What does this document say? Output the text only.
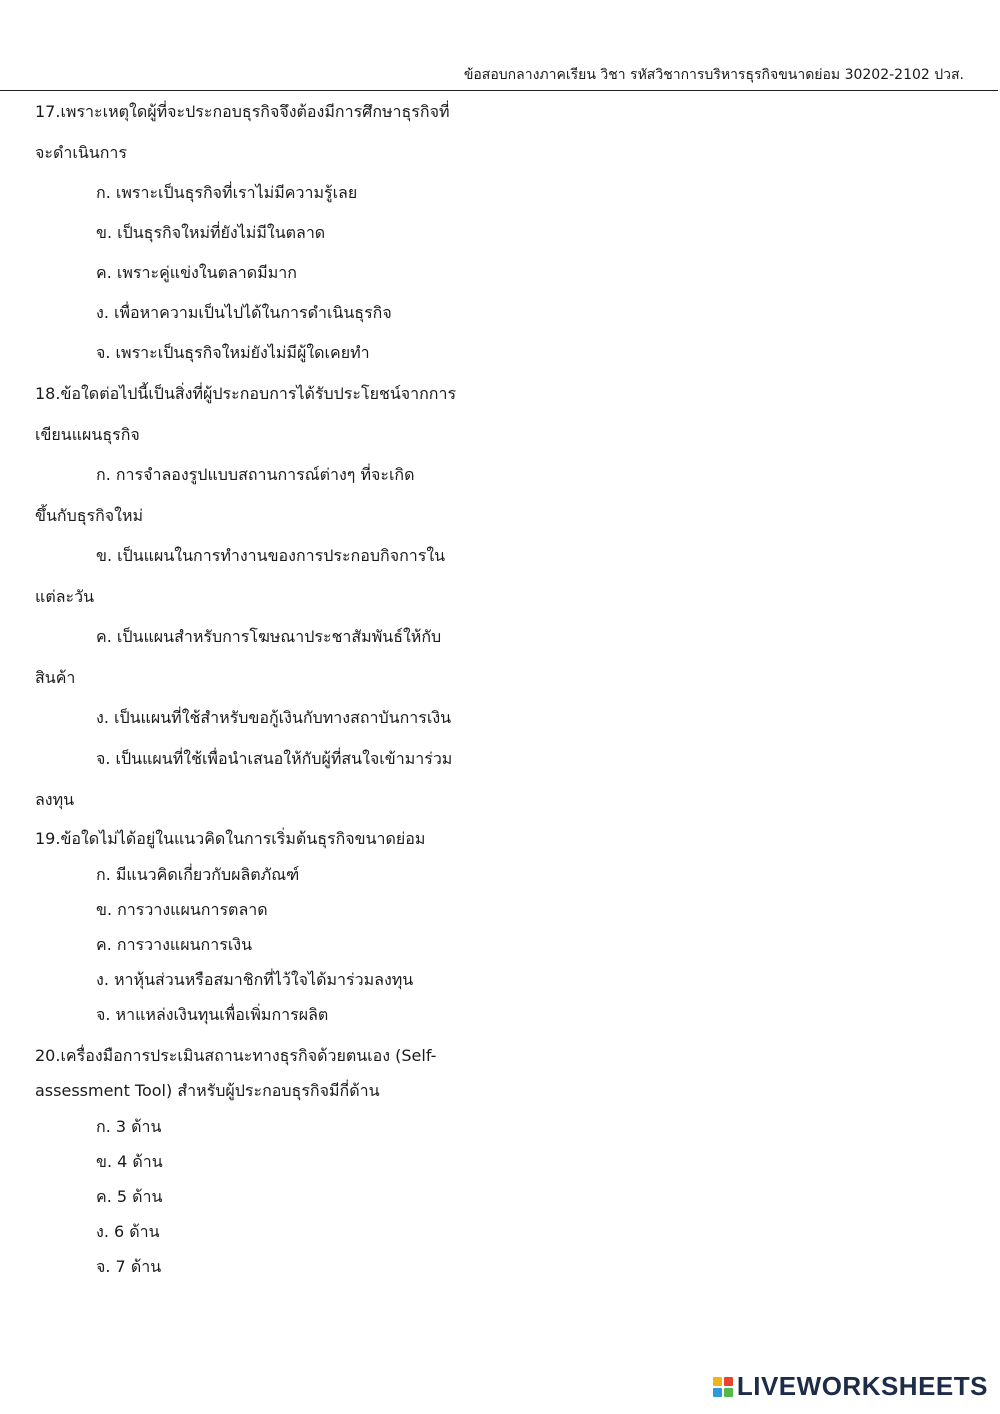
ข้อสอบกลางภาคเรียน วิชา รหัสวิชาการบริหารธุรกิจขนาดย่อม 30202-2102 ปวส.
17.เพราะเหตุใดผู้ที่จะประกอบธุรกิจจึงต้องมีการศึกษาธุรกิจที่
จะดำเนินการ
ก. เพราะเป็นธุรกิจที่เราไม่มีความรู้เลย
ข. เป็นธุรกิจใหม่ที่ยังไม่มีในตลาด
ค. เพราะคู่แข่งในตลาดมีมาก
ง. เพื่อหาความเป็นไปได้ในการดำเนินธุรกิจ
จ. เพราะเป็นธุรกิจใหม่ยังไม่มีผู้ใดเคยทำ
18.ข้อใดต่อไปนี้เป็นสิ่งที่ผู้ประกอบการได้รับประโยชน์จากการ
เขียนแผนธุรกิจ
ก. การจำลองรูปแบบสถานการณ์ต่างๆ ที่จะเกิด
ขึ้นกับธุรกิจใหม่
ข. เป็นแผนในการทำงานของการประกอบกิจการใน
แต่ละวัน
ค. เป็นแผนสำหรับการโฆษณาประชาสัมพันธ์ให้กับ
สินค้า
ง. เป็นแผนที่ใช้สำหรับขอกู้เงินกับทางสถาบันการเงิน
จ. เป็นแผนที่ใช้เพื่อนำเสนอให้กับผู้ที่สนใจเข้ามาร่วม
ลงทุน
19.ข้อใดไม่ได้อยู่ในแนวคิดในการเริ่มต้นธุรกิจขนาดย่อม
ก. มีแนวคิดเกี่ยวกับผลิตภัณฑ์
ข. การวางแผนการตลาด
ค. การวางแผนการเงิน
ง. หาหุ้นส่วนหรือสมาชิกที่ไว้ใจได้มาร่วมลงทุน
จ. หาแหล่งเงินทุนเพื่อเพิ่มการผลิต
20.เครื่องมือการประเมินสถานะทางธุรกิจด้วยตนเอง (Self-
assessment Tool) สำหรับผู้ประกอบธุรกิจมีกี่ด้าน
ก. 3 ด้าน
ข. 4 ด้าน
ค. 5 ด้าน
ง. 6 ด้าน
จ. 7 ด้าน
LIVEWORKSHEETS
